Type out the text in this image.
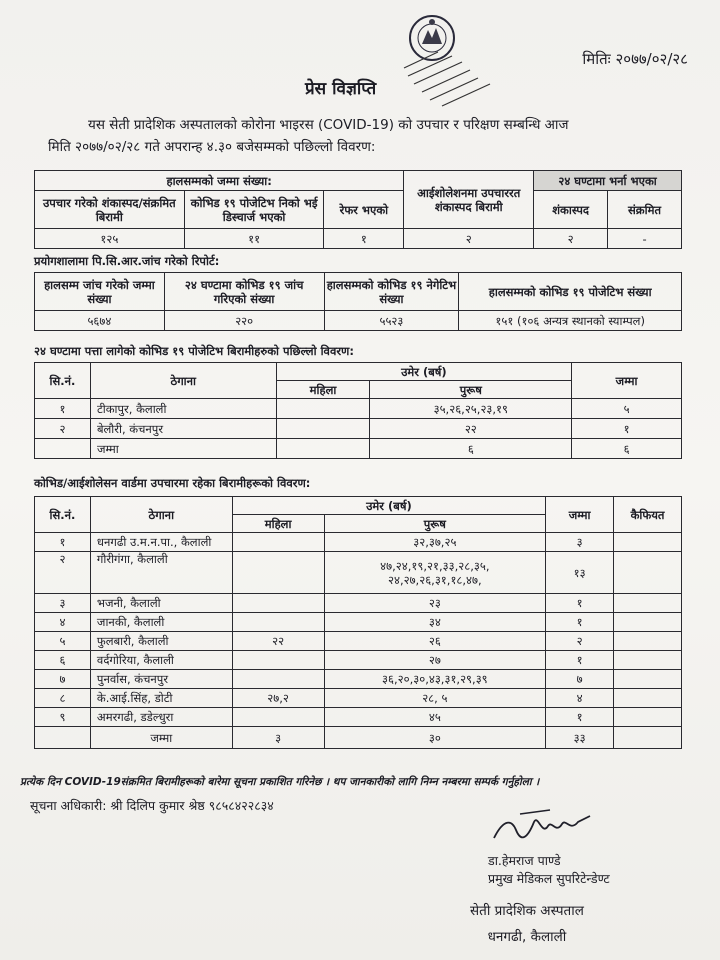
मितिः २०७७/०२/२८
प्रेस विज्ञप्ति
यस सेती प्रादेशिक अस्पतालको कोरोना भाइरस (COVID-19) को उपचार र परिक्षण सम्बन्धि आज
मिति २०७७/०२/२८ गते अपरान्ह ४.३० बजेसम्मको पछिल्लो विवरण:
हालसम्मको जम्मा संख्या:			आईशोलेशनमा उपचाररत शंकास्पद बिरामी	२४ घण्टामा भर्ना भएका	
उपचार गरेको शंकास्पद/संक्रमित बिरामी	कोभिड १९ पोजेटिभ निको भई डिस्चार्ज भएको	रेफर भएको		शंकास्पद	संक्रमित
१२५	११	१	२	२	-
प्रयोगशालामा पि.सि.आर.जांच गरेको रिपोर्ट:
हालसम्म जांच गरेको जम्मा संख्या	२४ घण्टामा कोभिड १९ जांच गरिएको संख्या	हालसम्मको कोभिड १९ नेगेटिभ संख्या	हालसम्मको कोभिड १९ पोजेटिभ संख्या
५६७४	२२०	५५२३	१५१ (१०६ अन्यत्र स्थानको स्याम्पल)
२४ घण्टामा पत्ता लागेको कोभिड १९ पोजेटिभ बिरामीहरुको पछिल्लो विवरण:
सि.नं.	ठेगाना	उमेर (बर्ष)		जम्मा
		महिला	पुरूष	
१	टीकापुर, कैलाली		३५,२६,२५,२३,१९	५
२	बेलौरी, कंचनपुर		२२	१
	जम्मा		६	६
कोभिड/आईशोलेसन वार्डमा उपचारमा रहेका बिरामीहरूको विवरण:
सि.नं.	ठेगाना	उमेर (बर्ष)		जम्मा	कैफियत
		महिला	पुरूष		
१	धनगढी उ.म.न.पा., कैलाली		३२,३७,२५	३	
२	गौरीगंगा, कैलाली		४७,२४,१९,२१,३३,२८,३५,
२४,२७,२६,३१,१८,४७,	१३	
३	भजनी, कैलाली		२३	१	
४	जानकी, कैलाली		३४	१	
५	फुलबारी, कैलाली	२२	२६	२	
६	वर्दगोरिया, कैलाली		२७	१	
७	पुनर्वास, कंचनपुर		३६,२०,३०,४३,३१,२९,३९	७	
८	के.आई.सिंह, डोटी	२७,२	२८, ५	४	
९	अमरगढी, डडेल्धुरा		४५	१	
	जम्मा	३	३०	३३	
प्रत्येक दिन COVID-19संक्रमित बिरामीहरूको बारेमा सूचना प्रकाशित गरिनेछ । थप जानकारीको लागि निम्न नम्बरमा सम्पर्क गर्नुहोला ।
सूचना अधिकारी: श्री दिलिप कुमार श्रेष्ठ ९८५८४२२८३४
डा.हेमराज पाण्डे
प्रमुख मेडिकल सुपरिटेन्डेण्ट
सेती प्रादेशिक अस्पताल
धनगढी, कैलाली
